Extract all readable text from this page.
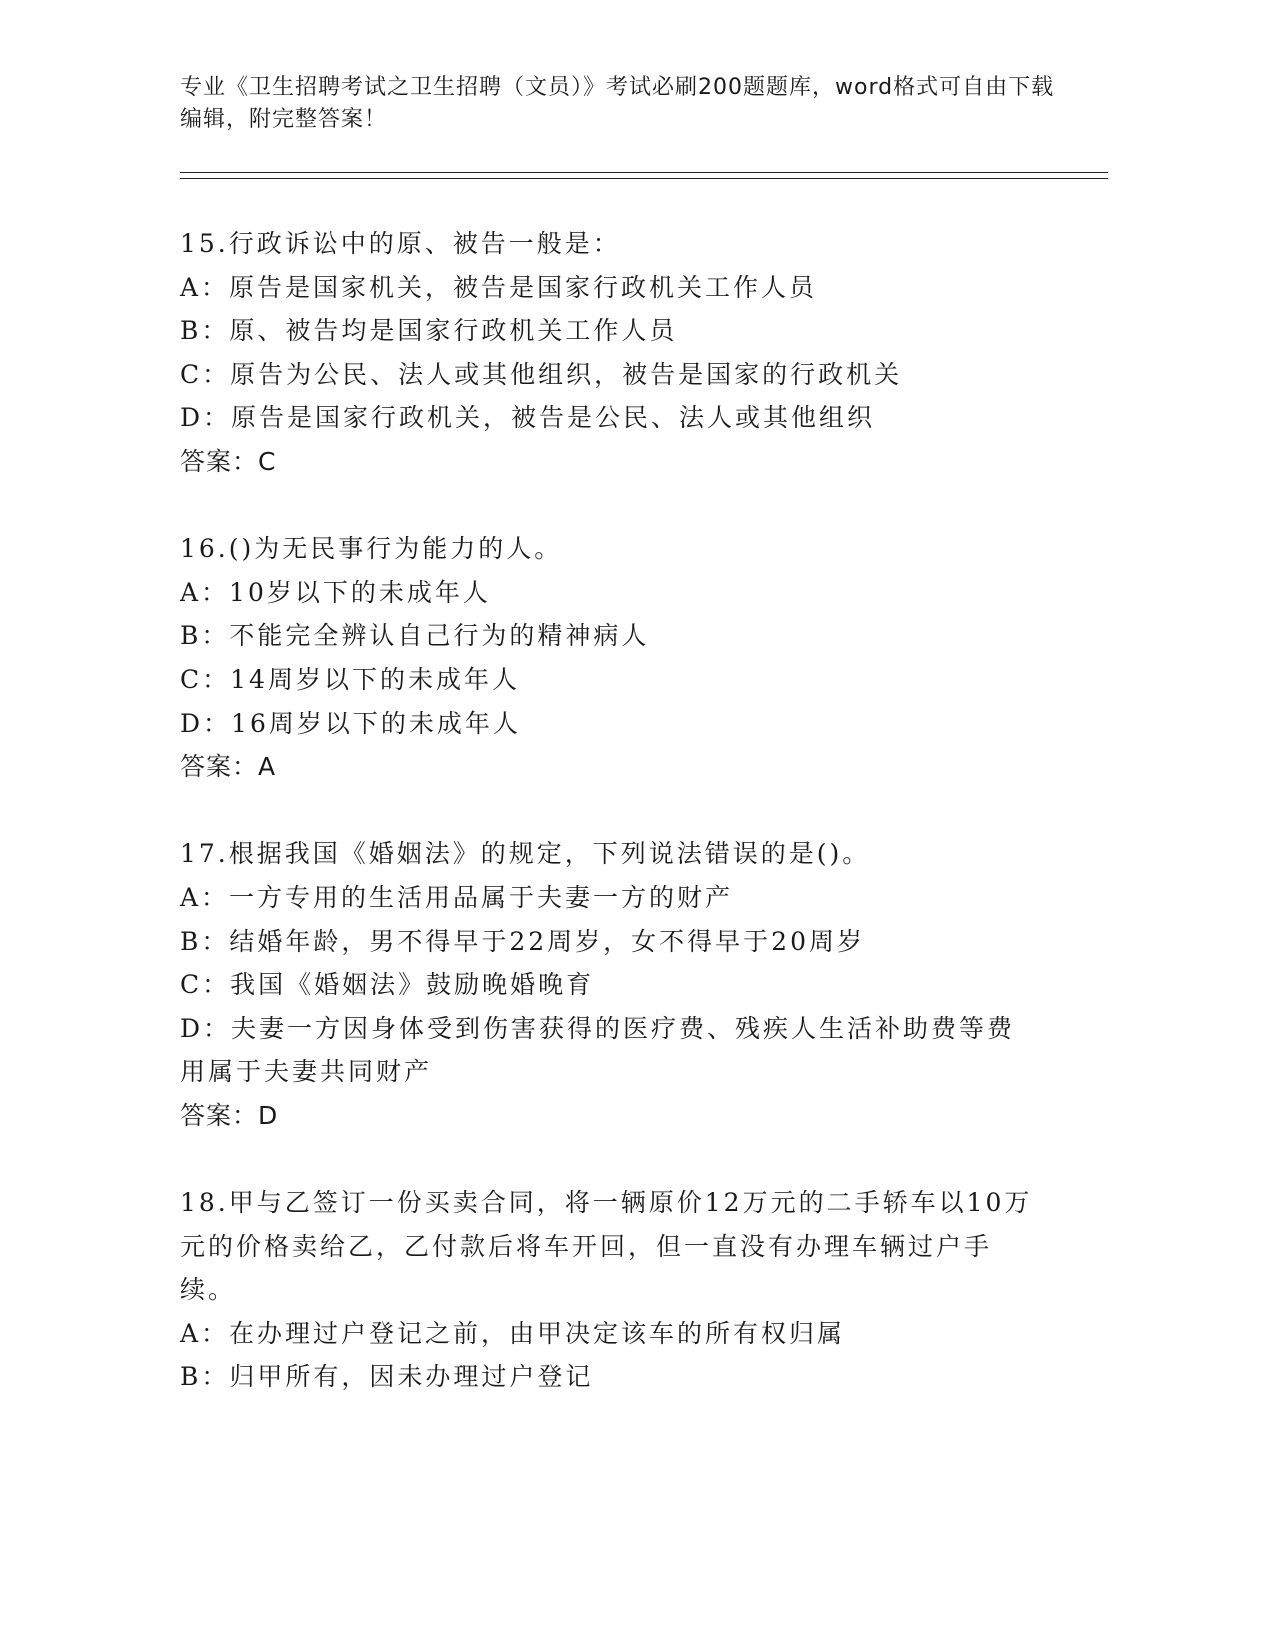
专业《卫生招聘考试之卫生招聘（文员）》考试必刷200题题库，word格式可自由下载编辑，附完整答案！
15.行政诉讼中的原、被告一般是：
A：原告是国家机关，被告是国家行政机关工作人员
B：原、被告均是国家行政机关工作人员
C：原告为公民、法人或其他组织，被告是国家的行政机关
D：原告是国家行政机关，被告是公民、法人或其他组织
答案：C
16.()为无民事行为能力的人。
A：10岁以下的未成年人
B：不能完全辨认自己行为的精神病人
C：14周岁以下的未成年人
D：16周岁以下的未成年人
答案：A
17.根据我国《婚姻法》的规定，下列说法错误的是()。
A：一方专用的生活用品属于夫妻一方的财产
B：结婚年龄，男不得早于22周岁，女不得早于20周岁
C：我国《婚姻法》鼓励晚婚晚育
D：夫妻一方因身体受到伤害获得的医疗费、残疾人生活补助费等费用属于夫妻共同财产
答案：D
18.甲与乙签订一份买卖合同，将一辆原价12万元的二手轿车以10万元的价格卖给乙，乙付款后将车开回，但一直没有办理车辆过户手续。
A：在办理过户登记之前，由甲决定该车的所有权归属
B：归甲所有，因未办理过户登记
